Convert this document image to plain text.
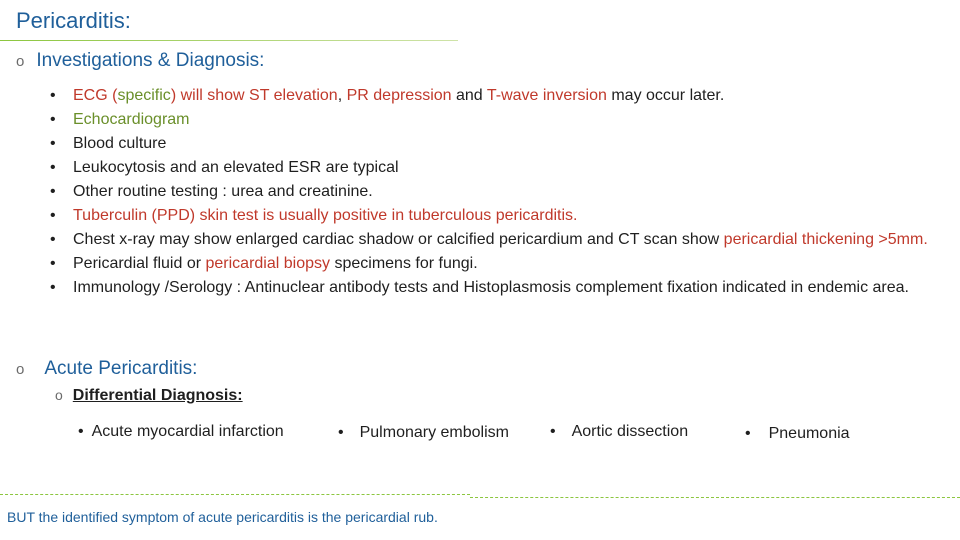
Pericarditis:
o Investigations & Diagnosis:
• ECG (specific) will show ST elevation, PR depression and T-wave inversion may occur later.
• Echocardiogram
• Blood culture
• Leukocytosis and an elevated ESR are typical
• Other routine testing : urea and creatinine.
• Tuberculin (PPD) skin test is usually positive in tuberculous pericarditis.
• Chest x-ray may show enlarged cardiac shadow or calcified pericardium and CT scan show pericardial thickening >5mm.
• Pericardial fluid or pericardial biopsy specimens for fungi.
• Immunology /Serology : Antinuclear antibody tests and Histoplasmosis complement fixation indicated in endemic area.
o Acute Pericarditis:
o Differential Diagnosis:
• Acute myocardial infarction	• Pulmonary embolism	• Aortic dissection	• Pneumonia
BUT the identified symptom of acute pericarditis is the pericardial rub.
